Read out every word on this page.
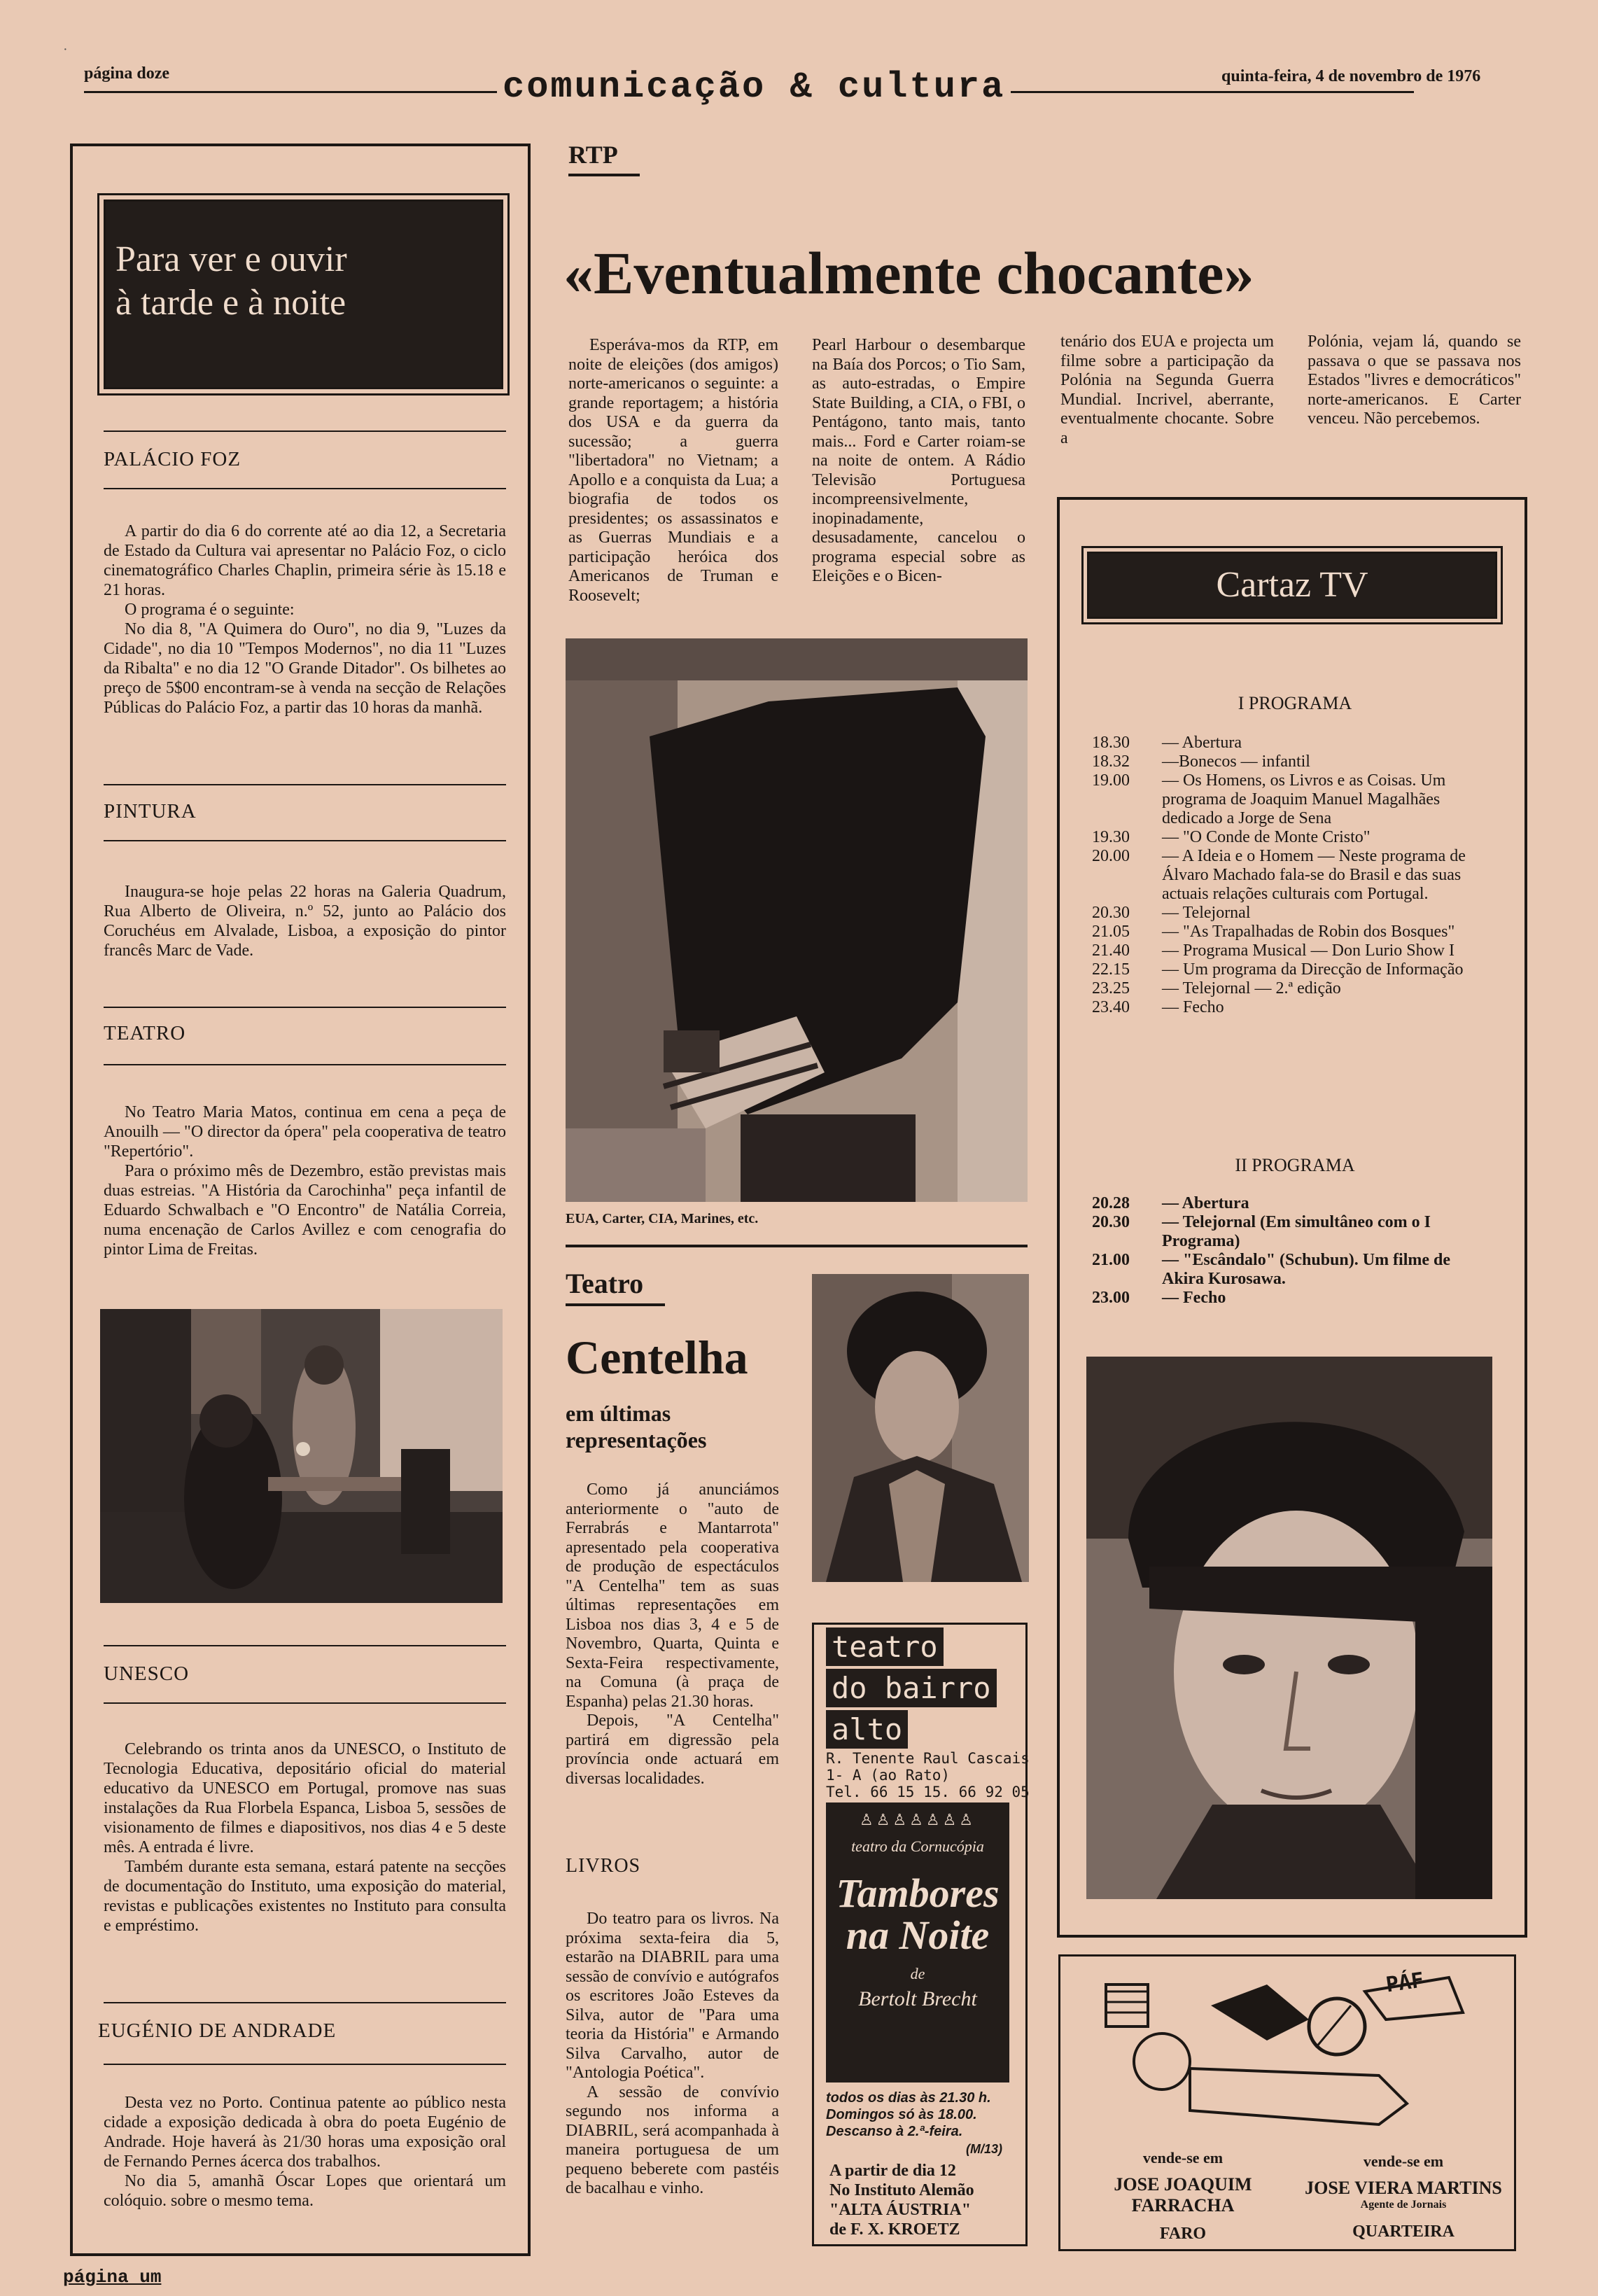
·
página doze	comunicação & cultura	quinta-feira, 4 de novembro de 1976
Para ver e ouvir
à tarde e à noite
PALÁCIO FOZ

A partir do dia 6 do corrente até ao dia 12, a Secretaria de Estado da Cultura vai apresentar no Palácio Foz, o ciclo cinematográfico Charles Chaplin, primeira série às 15.18 e 21 horas.

O programa é o seguinte:

No dia 8, "A Quimera do Ouro", no dia 9, "Luzes da Cidade", no dia 10 "Tempos Modernos", no dia 11 "Luzes da Ribalta" e no dia 12 "O Grande Ditador". Os bilhetes ao preço de 5$00 encontram-se à venda na secção de Relações Públicas do Palácio Foz, a partir das 10 horas da manhã.

PINTURA

Inaugura-se hoje pelas 22 horas na Galeria Quadrum, Rua Alberto de Oliveira, n.º 52, junto ao Palácio dos Coruchéus em Alvalade, Lisboa, a exposição do pintor francês Marc de Vade.

TEATRO

No Teatro Maria Matos, continua em cena a peça de Anouilh — "O director da ópera" pela cooperativa de teatro "Repertório".

Para o próximo mês de Dezembro, estão previstas mais duas estreias. "A História da Carochinha" peça infantil de Eduardo Schwalbach e "O Encontro" de Natália Correia, numa encenação de Carlos Avillez e com cenografia do pintor Lima de Freitas.

UNESCO

Celebrando os trinta anos da UNESCO, o Instituto de Tecnologia Educativa, depositário oficial do material educativo da UNESCO em Portugal, promove nas suas instalações da Rua Florbela Espanca, Lisboa 5, sessões de visionamento de filmes e diapositivos, nos dias 4 e 5 deste mês. A entrada é livre.

Também durante esta semana, estará patente na secções de documentação do Instituto, uma exposição do material, revistas e publicações existentes no Instituto para consulta e empréstimo.

EUGÉNIO DE ANDRADE

Desta vez no Porto. Continua patente ao público nesta cidade a exposição dedicada à obra do poeta Eugénio de Andrade. Hoje haverá às 21/30 horas uma exposição oral de Fernando Pernes ácerca dos trabalhos.

No dia 5, amanhã Óscar Lopes que orientará um colóquio. sobre o mesmo tema.

RTP
«Eventualmente chocante»

Esperáva-mos da RTP, em noite de eleições (dos amigos) norte-americanos o seguinte: a grande reportagem; a história dos USA e da guerra da sucessão; a guerra "libertadora" no Vietnam; a Apollo e a conquista da Lua; a biografia de todos os presidentes; os assassinatos e as Guerras Mundiais e a participação heróica dos Americanos de Truman e Roosevelt;

Pearl Harbour o desembarque na Baía dos Porcos; o Tio Sam, as auto-estradas, o Empire State Building, a CIA, o FBI, o Pentágono, tanto mais, tanto mais... Ford e Carter roiam-se na noite de ontem. A Rádio Televisão Portuguesa incompreensivelmente, inopinadamente, desusadamente, cancelou o programa especial sobre as Eleições e o Bicen-

tenário dos EUA e projecta um filme sobre a participação da Polónia na Segunda Guerra Mundial. Incrivel, aberrante, eventualmente chocante. Sobre a

Polónia, vejam lá, quando se passava o que se passava nos Estados "livres e democráticos" norte-americanos. E Carter venceu. Não percebemos.

EUA, Carter, CIA, Marines, etc.
Teatro
Centelha
em últimas representações

Como já anunciámos anteriormente o "auto de Ferrabrás e Mantarrota" apresentado pela cooperativa de produção de espectáculos "A Centelha" tem as suas últimas representações em Lisboa nos dias 3, 4 e 5 de Novembro, Quarta, Quinta e Sexta-Feira respectivamente, na Comuna (à praça de Espanha) pelas 21.30 horas.

Depois, "A Centelha" partirá em digressão pela província onde actuará em diversas localidades.

LIVROS

Do teatro para os livros. Na próxima sexta-feira dia 5, estarão na DIABRIL para uma sessão de convívio e autógrafos os escritores João Esteves da Silva, autor de "Para uma teoria da História" e Armando Silva Carvalho, autor de "Antologia Poética".

A sessão de convívio segundo nos informa a DIABRIL, será acompanhada à maneira portuguesa de um pequeno beberete com pastéis de bacalhau e vinho.

teatro
do bairro
alto
R. Tenente Raul Cascais
1- A (ao Rato)
Tel. 66 15 15. 66 92 05
♙♙♙♙♙♙♙
teatro da Cornucópia
Tambores
na Noite
de
Bertolt Brecht
todos os dias às 21.30 h.
Domingos só às 18.00.
Descanso à 2.ª-feira.
(M/13)
A partir de dia 12
No Instituto Alemão
"ALTA ÁUSTRIA"
de F. X. KROETZ
Cartaz TV
I PROGRAMA
18.30 — Abertura
18.32 —Bonecos — infantil
19.00	— Os Homens, os Livros e as Coisas. Um programa de Joaquim Manuel Magalhães dedicado a Jorge de Sena
19.30 — "O Conde de Monte Cristo"
20.00	— A Ideia e o Homem — Neste programa de Álvaro Machado fala-se do Brasil e das suas actuais relações culturais com Portugal.
20.30 — Telejornal
21.05	— "As Trapalhadas de Robin dos Bosques"
21.40 — Programa Musical — Don Lurio Show I
22.15	— Um programa da Direcção de Informação
23.25 — Telejornal — 2.ª edição
23.40 — Fecho
II PROGRAMA
20.28 — Abertura
20.30	— Telejornal (Em simultâneo com o I Programa)
21.00	— "Escândalo" (Schubun). Um filme de Akira Kurosawa.
23.00 — Fecho
PÁF
vende-se em
JOSE JOAQUIM
FARRACHA
FARO
vende-se em
JOSE VIERA MARTINS
Agente de Jornais
QUARTEIRA
página um
